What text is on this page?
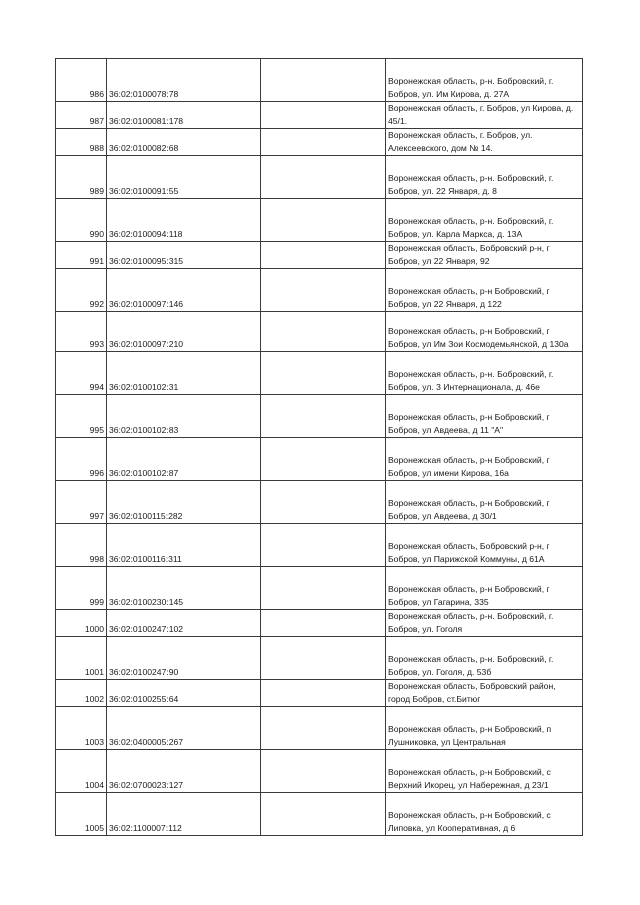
986	36:02:0100078:78		Воронежская область, р-н. Бобровский, г. Бобров, ул. Им Кирова, д. 27А
987	36:02:0100081:178		Воронежская область, г. Бобров, ул Кирова, д. 45/1.
988	36:02:0100082:68		Воронежская область, г. Бобров, ул. Алексеевского, дом № 14.
989	36:02:0100091:55		Воронежская область, р-н. Бобровский, г. Бобров, ул. 22 Января, д. 8
990	36:02:0100094:118		Воронежская область, р-н. Бобровский, г. Бобров, ул. Карла Маркса, д. 13А
991	36:02:0100095:315		Воронежская область, Бобровский р-н, г Бобров, ул 22 Января, 92
992	36:02:0100097:146		Воронежская область, р-н Бобровский, г Бобров, ул 22 Января, д 122
993	36:02:0100097:210		Воронежская область, р-н Бобровский, г Бобров, ул Им Зои Космодемьянской, д 130а
994	36:02:0100102:31		Воронежская область, р-н. Бобровский, г. Бобров, ул. 3 Интернационала, д. 46е
995	36:02:0100102:83		Воронежская область, р-н Бобровский, г Бобров, ул Авдеева, д 11 "А"
996	36:02:0100102:87		Воронежская область, р-н Бобровский, г Бобров, ул имени Кирова, 16а
997	36:02:0100115:282		Воронежская область, р-н Бобровский, г Бобров, ул Авдеева, д 30/1
998	36:02:0100116:311		Воронежская область, Бобровский р-н, г Бобров, ул Парижской Коммуны, д 61А
999	36:02:0100230:145		Воронежская область, р-н Бобровский, г Бобров, ул Гагарина, 335
1000	36:02:0100247:102		Воронежская область, р-н. Бобровский, г. Бобров, ул. Гоголя
1001	36:02:0100247:90		Воронежская область, р-н. Бобровский, г. Бобров, ул. Гоголя, д. 53б
1002	36:02:0100255:64		Воронежская область, Бобровский район, город Бобров, ст.Битюг
1003	36:02:0400005:267		Воронежская область, р-н Бобровский, п Лушниковка, ул Центральная
1004	36:02:0700023:127		Воронежская область, р-н Бобровский, с Верхний Икорец, ул Набережная, д 23/1
1005	36:02:1100007:112		Воронежская область, р-н Бобровский, с Липовка, ул Кооперативная, д 6
